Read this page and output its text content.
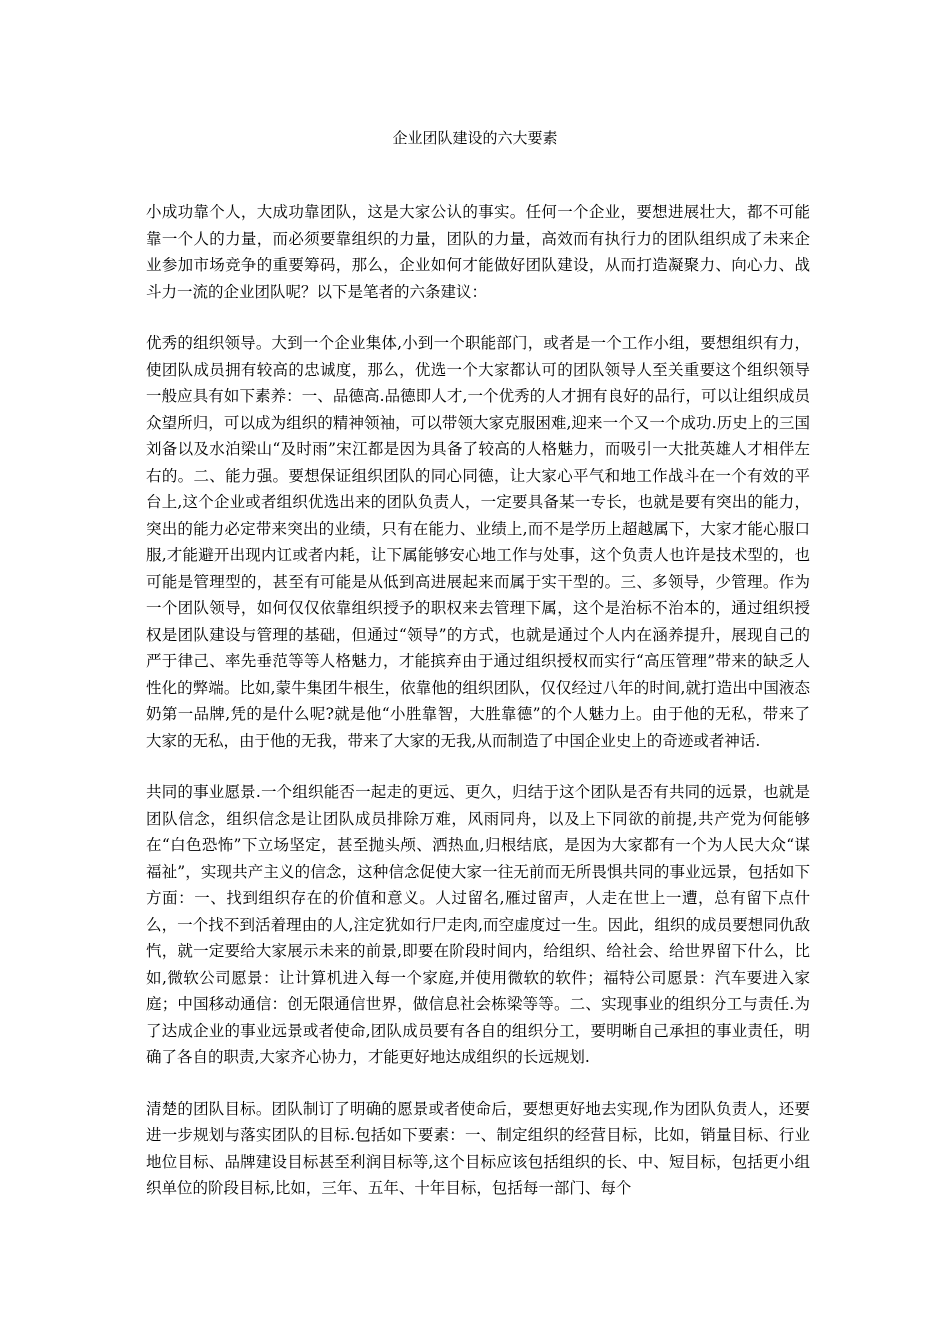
企业团队建设的六大要素

小成功靠个人，大成功靠团队，这是大家公认的事实。任何一个企业，要想进展壮大，都不可能靠一个人的力量，而必须要靠组织的力量，团队的力量，高效而有执行力的团队组织成了未来企业参加市场竞争的重要筹码，那么，企业如何才能做好团队建设，从而打造凝聚力、向心力、战斗力一流的企业团队呢？以下是笔者的六条建议：

优秀的组织领导。大到一个企业集体,小到一个职能部门，或者是一个工作小组，要想组织有力，使团队成员拥有较高的忠诚度，那么，优选一个大家都认可的团队领导人至关重要这个组织领导一般应具有如下素养：一、品德高.品德即人才,一个优秀的人才拥有良好的品行，可以让组织成员众望所归，可以成为组织的精神领袖，可以带领大家克服困难,迎来一个又一个成功.历史上的三国刘备以及水泊梁山“及时雨”宋江都是因为具备了较高的人格魅力，而吸引一大批英雄人才相伴左右的。二、能力强。要想保证组织团队的同心同德，让大家心平气和地工作战斗在一个有效的平台上,这个企业或者组织优选出来的团队负责人，一定要具备某一专长，也就是要有突出的能力，突出的能力必定带来突出的业绩，只有在能力、业绩上,而不是学历上超越属下，大家才能心服口服,才能避开出现内讧或者内耗，让下属能够安心地工作与处事，这个负责人也许是技术型的，也可能是管理型的，甚至有可能是从低到高进展起来而属于实干型的。三、多领导，少管理。作为一个团队领导，如何仅仅依靠组织授予的职权来去管理下属，这个是治标不治本的，通过组织授权是团队建设与管理的基础，但通过“领导”的方式，也就是通过个人内在涵养提升，展现自己的严于律己、率先垂范等等人格魅力，才能摈弃由于通过组织授权而实行“高压管理”带来的缺乏人性化的弊端。比如,蒙牛集团牛根生，依靠他的组织团队，仅仅经过八年的时间,就打造出中国液态奶第一品牌,凭的是什么呢?就是他“小胜靠智，大胜靠德”的个人魅力上。由于他的无私，带来了大家的无私，由于他的无我，带来了大家的无我,从而制造了中国企业史上的奇迹或者神话.

共同的事业愿景.一个组织能否一起走的更远、更久，归结于这个团队是否有共同的远景，也就是团队信念，组织信念是让团队成员排除万难，风雨同舟，以及上下同欲的前提,共产党为何能够在“白色恐怖”下立场坚定，甚至抛头颅、洒热血,归根结底，是因为大家都有一个为人民大众“谋福祉”，实现共产主义的信念，这种信念促使大家一往无前而无所畏惧共同的事业远景，包括如下方面：一、找到组织存在的价值和意义。人过留名,雁过留声，人走在世上一遭，总有留下点什么，一个找不到活着理由的人,注定犹如行尸走肉,而空虚度过一生。因此，组织的成员要想同仇敌忾，就一定要给大家展示未来的前景,即要在阶段时间内，给组织、给社会、给世界留下什么，比如,微软公司愿景：让计算机进入每一个家庭,并使用微软的软件；福特公司愿景：汽车要进入家庭；中国移动通信：创无限通信世界，做信息社会栋梁等等。二、实现事业的组织分工与责任.为了达成企业的事业远景或者使命,团队成员要有各自的组织分工，要明晰自己承担的事业责任，明确了各自的职责,大家齐心协力，才能更好地达成组织的长远规划.

清楚的团队目标。团队制订了明确的愿景或者使命后，要想更好地去实现,作为团队负责人，还要进一步规划与落实团队的目标.包括如下要素：一、制定组织的经营目标，比如，销量目标、行业地位目标、品牌建设目标甚至利润目标等,这个目标应该包括组织的长、中、短目标，包括更小组织单位的阶段目标,比如，三年、五年、十年目标，包括每一部门、每个
